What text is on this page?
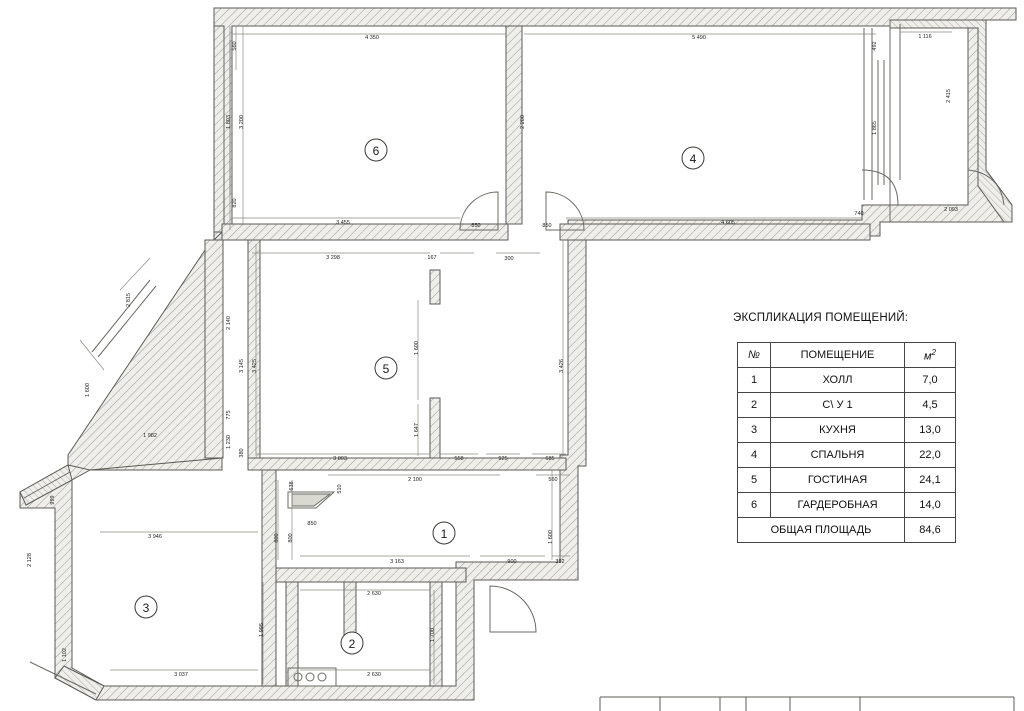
6
4
5
1
3
2
4 350	5 490	1 116
3 455	850	850	4 605
740
2 093
3 298	167	300
1 982
3 003	558	925	685
2 100	560
850
3 946
3 163	900	392
2 630
2 630
3 037
560
1 803 3 200
820
2 200
492
2 415
1 865
2 815
1 600
2 140
3 145 3 425
1 600
3 426
775
1 230
380
1 647
638	510
800 800	1 600
999
2 128
1 102
1 995	1 700
ЭКСПЛИКАЦИЯ ПОМЕЩЕНИЙ:
№	ПОМЕЩЕНИЕ	$м^2$
1	ХОЛЛ	7,0
2	С\ У 1	4,5
3	КУХНЯ	13,0
4	СПАЛЬНЯ	22,0
5	ГОСТИНАЯ	24,1
6	ГАРДЕРОБНАЯ	14,0
ОБЩАЯ ПЛОЩАДЬ		84,6
